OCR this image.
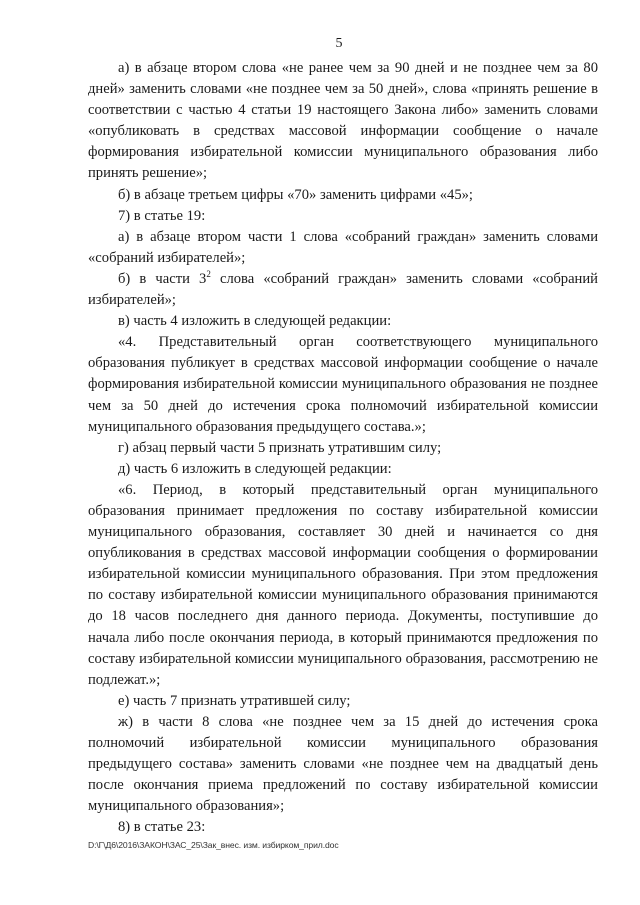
5

а) в абзаце втором слова «не ранее чем за 90 дней и не позднее чем за 80 дней» заменить словами «не позднее чем за 50 дней», слова «принять решение в соответствии с частью 4 статьи 19 настоящего Закона либо» заменить словами «опубликовать в средствах массовой информации сообщение о начале формирования избирательной комиссии муниципального образования либо принять решение»;

б) в абзаце третьем цифры «70» заменить цифрами «45»;

7) в статье 19:

а) в абзаце втором части 1 слова «собраний граждан» заменить словами «собраний избирателей»;

б) в части $3^2$ слова «собраний граждан» заменить словами «собраний избирателей»;

в) часть 4 изложить в следующей редакции:

«4. Представительный орган соответствующего муниципального образования публикует в средствах массовой информации сообщение о начале формирования избирательной комиссии муниципального образования не позднее чем за 50 дней до истечения срока полномочий избирательной комиссии муниципального образования предыдущего состава.»;

г) абзац первый части 5 признать утратившим силу;

д) часть 6 изложить в следующей редакции:

«6. Период, в который представительный орган муниципального образования принимает предложения по составу избирательной комиссии муниципального образования, составляет 30 дней и начинается со дня опубликования в средствах массовой информации сообщения о формировании избирательной комиссии муниципального образования. При этом предложения по составу избирательной комиссии муниципального образования принимаются до 18 часов последнего дня данного периода. Документы, поступившие до начала либо после окончания периода, в который принимаются предложения по составу избирательной комиссии муниципального образования, рассмотрению не подлежат.»;

е) часть 7 признать утратившей силу;

ж) в части 8 слова «не позднее чем за 15 дней до истечения срока полномочий избирательной комиссии муниципального образования предыдущего состава» заменить словами «не позднее чем на двадцатый день после окончания приема предложений по составу избирательной комиссии муниципального образования»;

8) в статье 23:

D:\Г\Д6\2016\ЗАКОН\ЗАС_25\Зак_внес. изм. избирком_прил.doc
